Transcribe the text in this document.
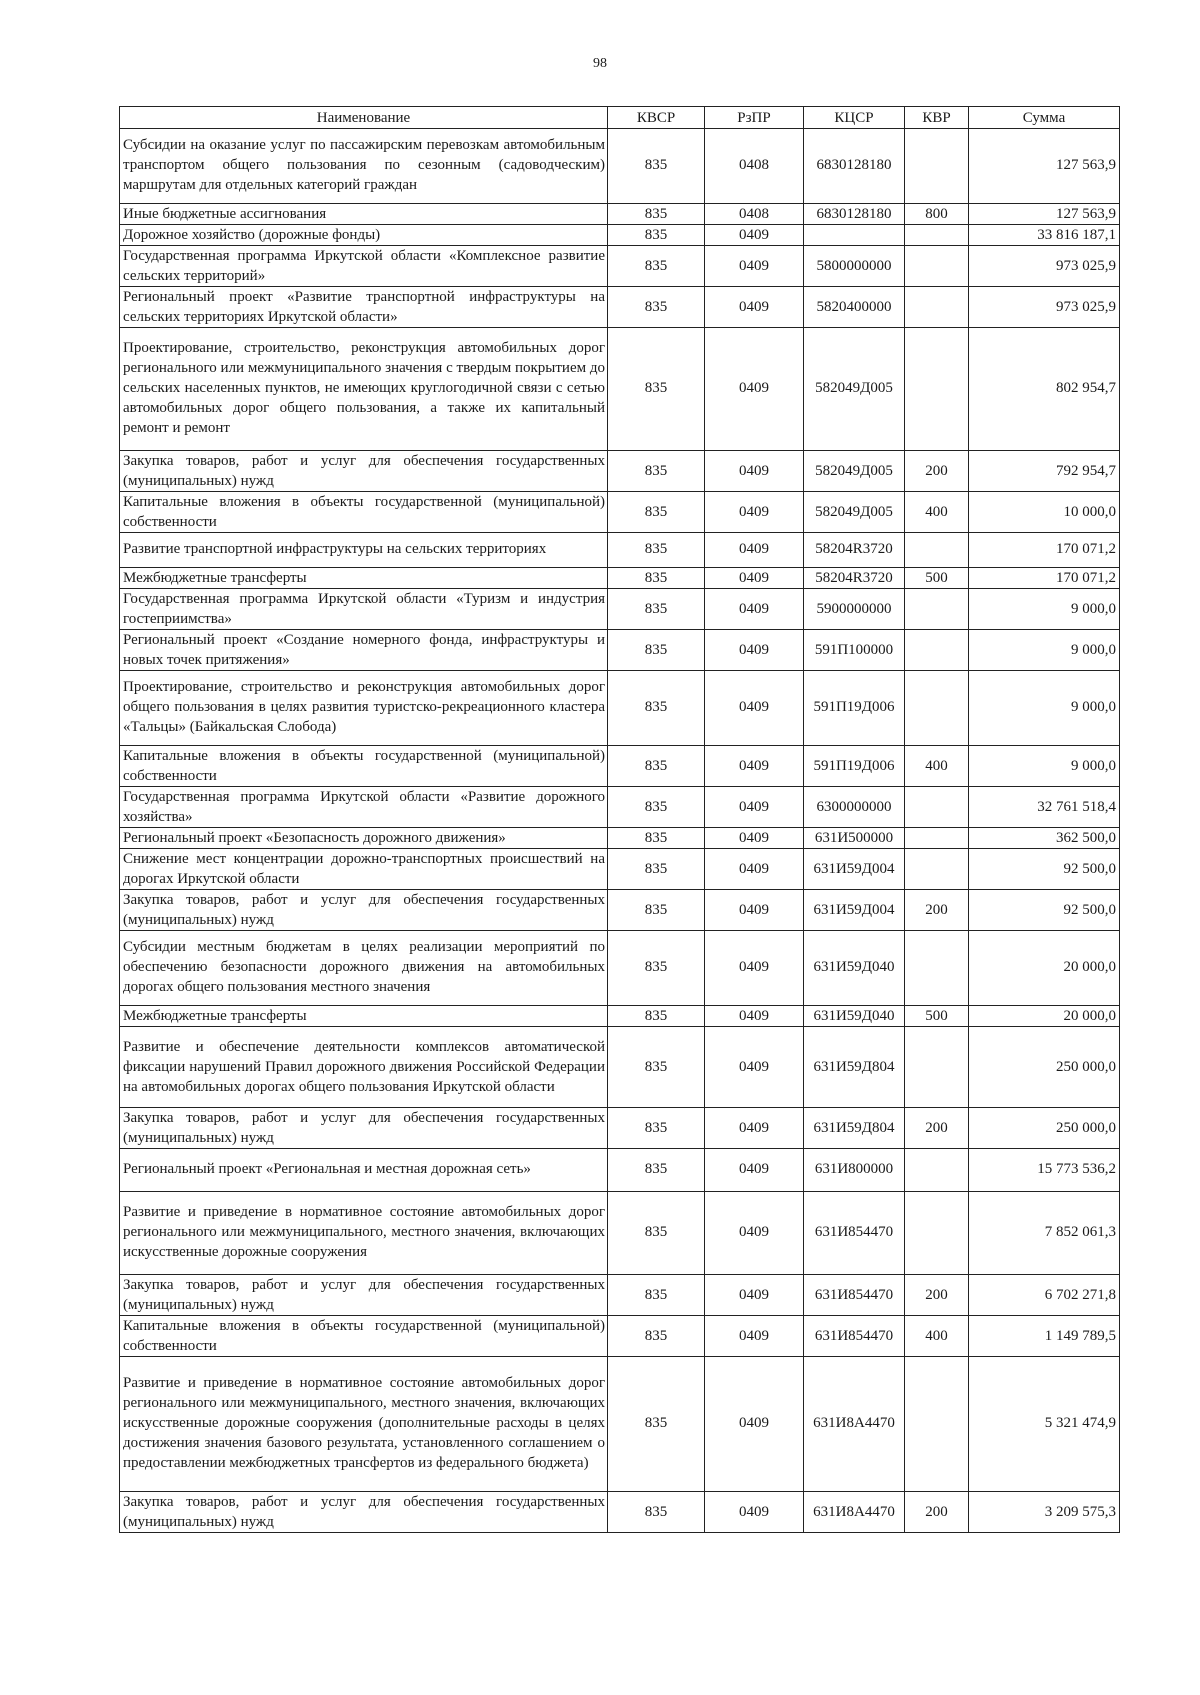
98
Наименование	КВСР	РзПР	КЦСР	КВР	Сумма
Субсидии на оказание услуг по пассажирским перевозкам автомобильным транспортом общего пользования по сезонным (садоводческим) маршрутам для отдельных категорий граждан	835	0408	6830128180		127 563,9
Иные бюджетные ассигнования	835	0408	6830128180	800	127 563,9
Дорожное хозяйство (дорожные фонды)	835	0409			33 816 187,1
Государственная программа Иркутской области «Комплексное развитие сельских территорий»	835	0409	5800000000		973 025,9
Региональный проект «Развитие транспортной инфраструктуры на сельских территориях Иркутской области»	835	0409	5820400000		973 025,9
Проектирование, строительство, реконструкция автомобильных дорог регионального или межмуниципального значения с твердым покрытием до сельских населенных пунктов, не имеющих круглогодичной связи с сетью автомобильных дорог общего пользования, а также их капитальный ремонт и ремонт	835	0409	582049Д005		802 954,7
Закупка товаров, работ и услуг для обеспечения государственных (муниципальных) нужд	835	0409	582049Д005	200	792 954,7
Капитальные вложения в объекты государственной (муниципальной) собственности	835	0409	582049Д005	400	10 000,0
Развитие транспортной инфраструктуры на сельских территориях	835	0409	58204R3720		170 071,2
Межбюджетные трансферты	835	0409	58204R3720	500	170 071,2
Государственная программа Иркутской области «Туризм и индустрия гостеприимства»	835	0409	5900000000		9 000,0
Региональный проект «Создание номерного фонда, инфраструктуры и новых точек притяжения»	835	0409	591П100000		9 000,0
Проектирование, строительство и реконструкция автомобильных дорог общего пользования в целях развития туристско-рекреационного кластера «Тальцы» (Байкальская Слобода)	835	0409	591П19Д006		9 000,0
Капитальные вложения в объекты государственной (муниципальной) собственности	835	0409	591П19Д006	400	9 000,0
Государственная программа Иркутской области «Развитие дорожного хозяйства»	835	0409	6300000000		32 761 518,4
Региональный проект «Безопасность дорожного движения»	835	0409	631И500000		362 500,0
Снижение мест концентрации дорожно-транспортных происшествий на дорогах Иркутской области	835	0409	631И59Д004		92 500,0
Закупка товаров, работ и услуг для обеспечения государственных (муниципальных) нужд	835	0409	631И59Д004	200	92 500,0
Субсидии местным бюджетам в целях реализации мероприятий по обеспечению безопасности дорожного движения на автомобильных дорогах общего пользования местного значения	835	0409	631И59Д040		20 000,0
Межбюджетные трансферты	835	0409	631И59Д040	500	20 000,0
Развитие и обеспечение деятельности комплексов автоматической фиксации нарушений Правил дорожного движения Российской Федерации на автомобильных дорогах общего пользования Иркутской области	835	0409	631И59Д804		250 000,0
Закупка товаров, работ и услуг для обеспечения государственных (муниципальных) нужд	835	0409	631И59Д804	200	250 000,0
Региональный проект «Региональная и местная дорожная сеть»	835	0409	631И800000		15 773 536,2
Развитие и приведение в нормативное состояние автомобильных дорог регионального или межмуниципального, местного значения, включающих искусственные дорожные сооружения	835	0409	631И854470		7 852 061,3
Закупка товаров, работ и услуг для обеспечения государственных (муниципальных) нужд	835	0409	631И854470	200	6 702 271,8
Капитальные вложения в объекты государственной (муниципальной) собственности	835	0409	631И854470	400	1 149 789,5
Развитие и приведение в нормативное состояние автомобильных дорог регионального или межмуниципального, местного значения, включающих искусственные дорожные сооружения (дополнительные расходы в целях достижения значения базового результата, установленного соглашением о предоставлении межбюджетных трансфертов из федерального бюджета)	835	0409	631И8А4470		5 321 474,9
Закупка товаров, работ и услуг для обеспечения государственных (муниципальных) нужд	835	0409	631И8А4470	200	3 209 575,3
